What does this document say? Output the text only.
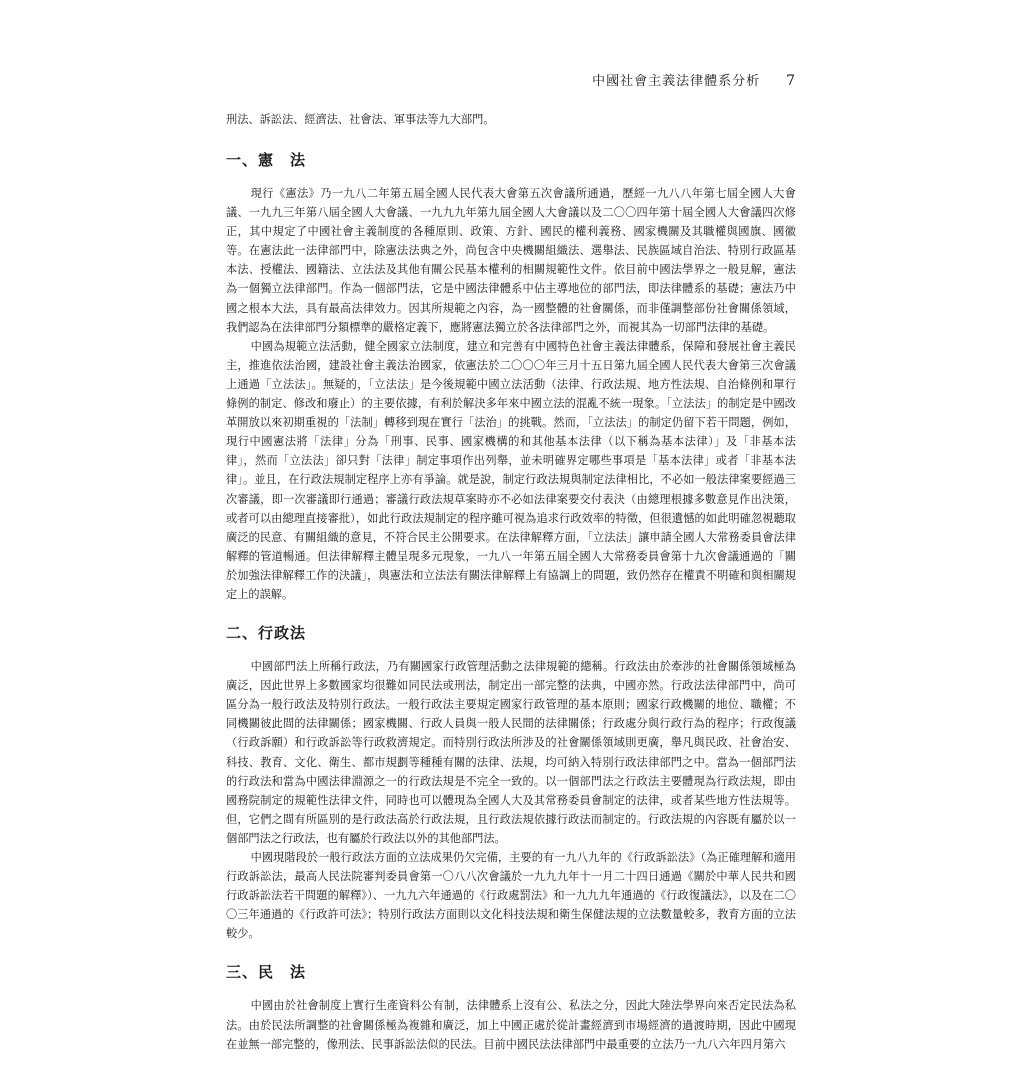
中國社會主義法律體系分析 7
刑法、訴訟法、經濟法、社會法、軍事法等九大部門。
一、憲　法

現行《憲法》乃一九八二年第五屆全國人民代表大會第五次會議所通過，歷經一九八八年第七屆全國人大會議、一九九三年第八屆全國人大會議、一九九九年第九屆全國人大會議以及二〇〇四年第十屆全國人大會議四次修正，其中規定了中國社會主義制度的各種原則、政策、方針、國民的權利義務、國家機關及其職權與國旗、國徽等。在憲法此一法律部門中，除憲法法典之外，尚包含中央機關組織法、選舉法、民族區域自治法、特別行政區基本法、授權法、國籍法、立法法及其他有關公民基本權利的相關規範性文件。依目前中國法學界之一般見解，憲法為一個獨立法律部門。作為一個部門法，它是中國法律體系中佔主導地位的部門法，即法律體系的基礎；憲法乃中國之根本大法，具有最高法律效力。因其所規範之內容，為一國整體的社會關係，而非僅調整部份社會關係領域，我們認為在法律部門分類標準的嚴格定義下，應將憲法獨立於各法律部門之外，而視其為一切部門法律的基礎。

中國為規範立法活動，健全國家立法制度，建立和完善有中國特色社會主義法律體系，保障和發展社會主義民主，推進依法治國，建設社會主義法治國家，依憲法於二〇〇〇年三月十五日第九屆全國人民代表大會第三次會議上通過「立法法」。無疑的，「立法法」是今後規範中國立法活動（法律、行政法規、地方性法規、自治條例和單行條例的制定、修改和廢止）的主要依據，有利於解決多年來中國立法的混亂不統一現象。「立法法」的制定是中國改革開放以來初期重視的「法制」轉移到現在實行「法治」的挑戰。然而，「立法法」的制定仍留下若干問題，例如，現行中國憲法將「法律」分為「刑事、民事、國家機構的和其他基本法律（以下稱為基本法律）」及「非基本法律」，然而「立法法」卻只對「法律」制定事項作出列舉，並未明確界定哪些事項是「基本法律」或者「非基本法律」。並且，在行政法規制定程序上亦有爭論。就是說，制定行政法規與制定法律相比，不必如一般法律案要經過三次審議，即一次審議即行通過；審議行政法規草案時亦不必如法律案要交付表決（由總理根據多數意見作出決策，或者可以由總理直接審批），如此行政法規制定的程序雖可視為追求行政效率的特徵，但很遺憾的如此明確忽視聽取廣泛的民意、有關組織的意見，不符合民主公開要求。在法律解釋方面，「立法法」讓申請全國人大常務委員會法律解釋的管道暢通。但法律解釋主體呈現多元現象，一九八一年第五屆全國人大常務委員會第十九次會議通過的「關於加強法律解釋工作的決議」，與憲法和立法法有關法律解釋上有協調上的問題，致仍然存在權責不明確和與相關規定上的誤解。

二、行政法

中國部門法上所稱行政法，乃有關國家行政管理活動之法律規範的總稱。行政法由於牽涉的社會關係領域極為廣泛，因此世界上多數國家均很難如同民法或刑法，制定出一部完整的法典，中國亦然。行政法法律部門中，尚可區分為一般行政法及特別行政法。一般行政法主要規定國家行政管理的基本原則；國家行政機關的地位、職權；不同機關彼此間的法律關係；國家機關、行政人員與一般人民間的法律關係；行政處分與行政行為的程序；行政復議（行政訴願）和行政訴訟等行政救濟規定。而特別行政法所涉及的社會關係領域則更廣，舉凡與民政、社會治安、科技、教育、文化、衛生、都市規劃等種種有關的法律、法規，均可納入特別行政法律部門之中。當為一個部門法的行政法和當為中國法律淵源之一的行政法規是不完全一致的。以一個部門法之行政法主要體現為行政法規，即由國務院制定的規範性法律文件，同時也可以體現為全國人大及其常務委員會制定的法律，或者某些地方性法規等。但，它們之間有所區別的是行政法高於行政法規，且行政法規依據行政法而制定的。行政法規的內容既有屬於以一個部門法之行政法，也有屬於行政法以外的其他部門法。

中國現階段於一般行政法方面的立法成果仍欠完備，主要的有一九八九年的《行政訴訟法》（為正確理解和適用行政訴訟法，最高人民法院審判委員會第一〇八八次會議於一九九九年十一月二十四日通過《關於中華人民共和國行政訴訟法若干問題的解釋》）、一九九六年通過的《行政處罰法》和一九九九年通過的《行政復議法》，以及在二〇〇三年通過的《行政許可法》；特別行政法方面則以文化科技法規和衛生保健法規的立法數量較多，教育方面的立法較少。

三、民　法

中國由於社會制度上實行生產資料公有制，法律體系上沒有公、私法之分，因此大陸法學界向來否定民法為私法。由於民法所調整的社會關係極為複雜和廣泛，加上中國正處於從計畫經濟到市場經濟的過渡時期，因此中國現在並無一部完整的，像刑法、民事訴訟法似的民法。目前中國民法法律部門中最重要的立法乃一九八六年四月第六
